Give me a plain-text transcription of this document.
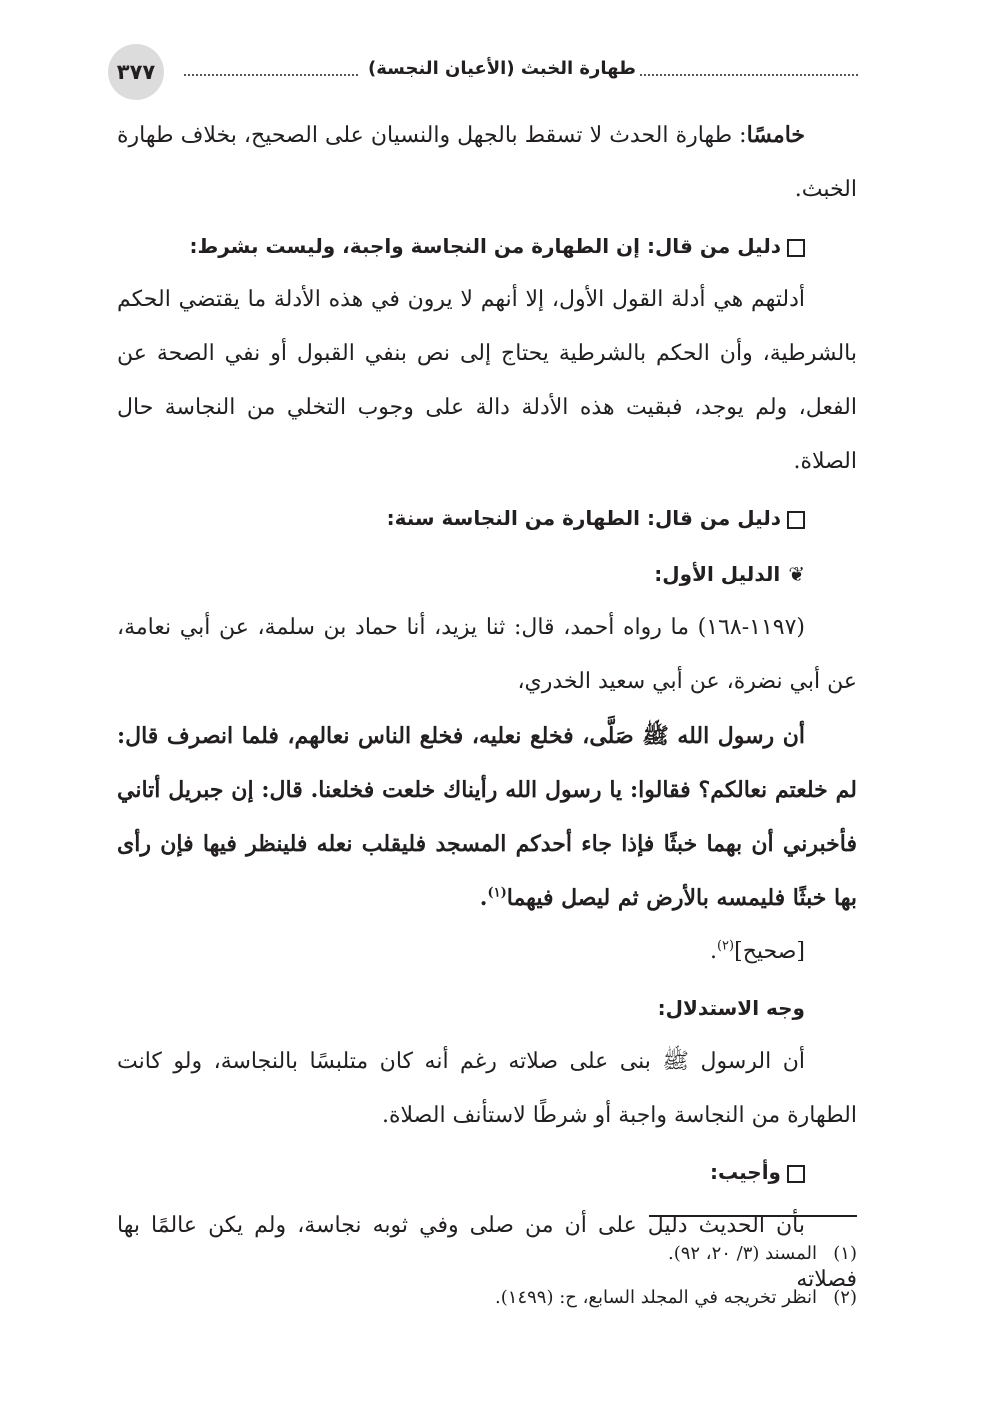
٣٧٧	طهارة الخبث (الأعيان النجسة)

خامسًا: طهارة الحدث لا تسقط بالجهل والنسيان على الصحيح، بخلاف طهارة الخبث.

دليل من قال: إن الطهارة من النجاسة واجبة، وليست بشرط:

أدلتهم هي أدلة القول الأول، إلا أنهم لا يرون في هذه الأدلة ما يقتضي الحكم بالشرطية، وأن الحكم بالشرطية يحتاج إلى نص بنفي القبول أو نفي الصحة عن الفعل، ولم يوجد، فبقيت هذه الأدلة دالة على وجوب التخلي من النجاسة حال الصلاة.

دليل من قال: الطهارة من النجاسة سنة:
❦الدليل الأول:

(١١٩٧-١٦٨) ما رواه أحمد، قال: ثنا يزيد، أنا حماد بن سلمة، عن أبي نعامة، عن أبي نضرة، عن أبي سعيد الخدري،

أن رسول الله ﷺ صَلَّى، فخلع نعليه، فخلع الناس نعالهم، فلما انصرف قال: لم خلعتم نعالكم؟ فقالوا: يا رسول الله رأيناك خلعت فخلعنا. قال: إن جبريل أتاني فأخبرني أن بهما خبثًا فإذا جاء أحدكم المسجد فليقلب نعله فلينظر فيها فإن رأى بها خبثًا فليمسه بالأرض ثم ليصل فيهما$^{(١)}$.

[صحيح]$^{(٢)}$.

وجه الاستدلال:

أن الرسول ﷺ بنى على صلاته رغم أنه كان متلبسًا بالنجاسة، ولو كانت الطهارة من النجاسة واجبة أو شرطًا لاستأنف الصلاة.

وأجيب:

بأن الحديث دليل على أن من صلى وفي ثوبه نجاسة، ولم يكن عالمًا بها فصلاته

(١)المسند (٣/ ٢٠، ٩٢).
(٢)انظر تخريجه في المجلد السابع، ح: (١٤٩٩).
